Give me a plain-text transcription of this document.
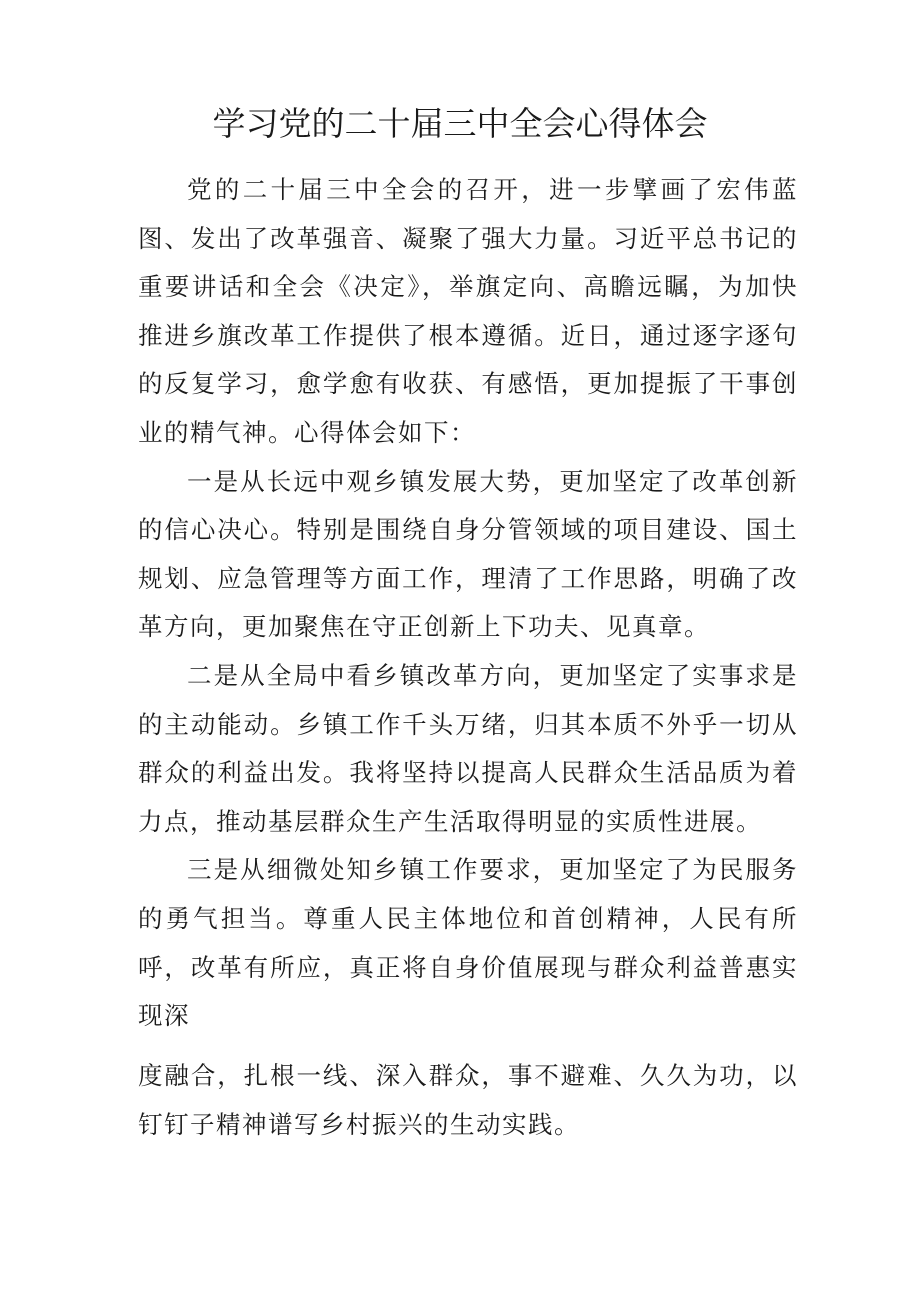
学习党的二十届三中全会心得体会

党的二十届三中全会的召开，进一步擘画了宏伟蓝图、发出了改革强音、凝聚了强大力量。习近平总书记的重要讲话和全会《决定》，举旗定向、高瞻远瞩，为加快推进乡旗改革工作提供了根本遵循。近日，通过逐字逐句的反复学习，愈学愈有收获、有感悟，更加提振了干事创业的精气神。心得体会如下：

一是从长远中观乡镇发展大势，更加坚定了改革创新的信心决心。特别是围绕自身分管领域的项目建设、国土规划、应急管理等方面工作，理清了工作思路，明确了改革方向，更加聚焦在守正创新上下功夫、见真章。

二是从全局中看乡镇改革方向，更加坚定了实事求是的主动能动。乡镇工作千头万绪，归其本质不外乎一切从群众的利益出发。我将坚持以提高人民群众生活品质为着力点，推动基层群众生产生活取得明显的实质性进展。

三是从细微处知乡镇工作要求，更加坚定了为民服务的勇气担当。尊重人民主体地位和首创精神，人民有所呼，改革有所应，真正将自身价值展现与群众利益普惠实现深

度融合，扎根一线、深入群众，事不避难、久久为功，以钉钉子精神谱写乡村振兴的生动实践。
